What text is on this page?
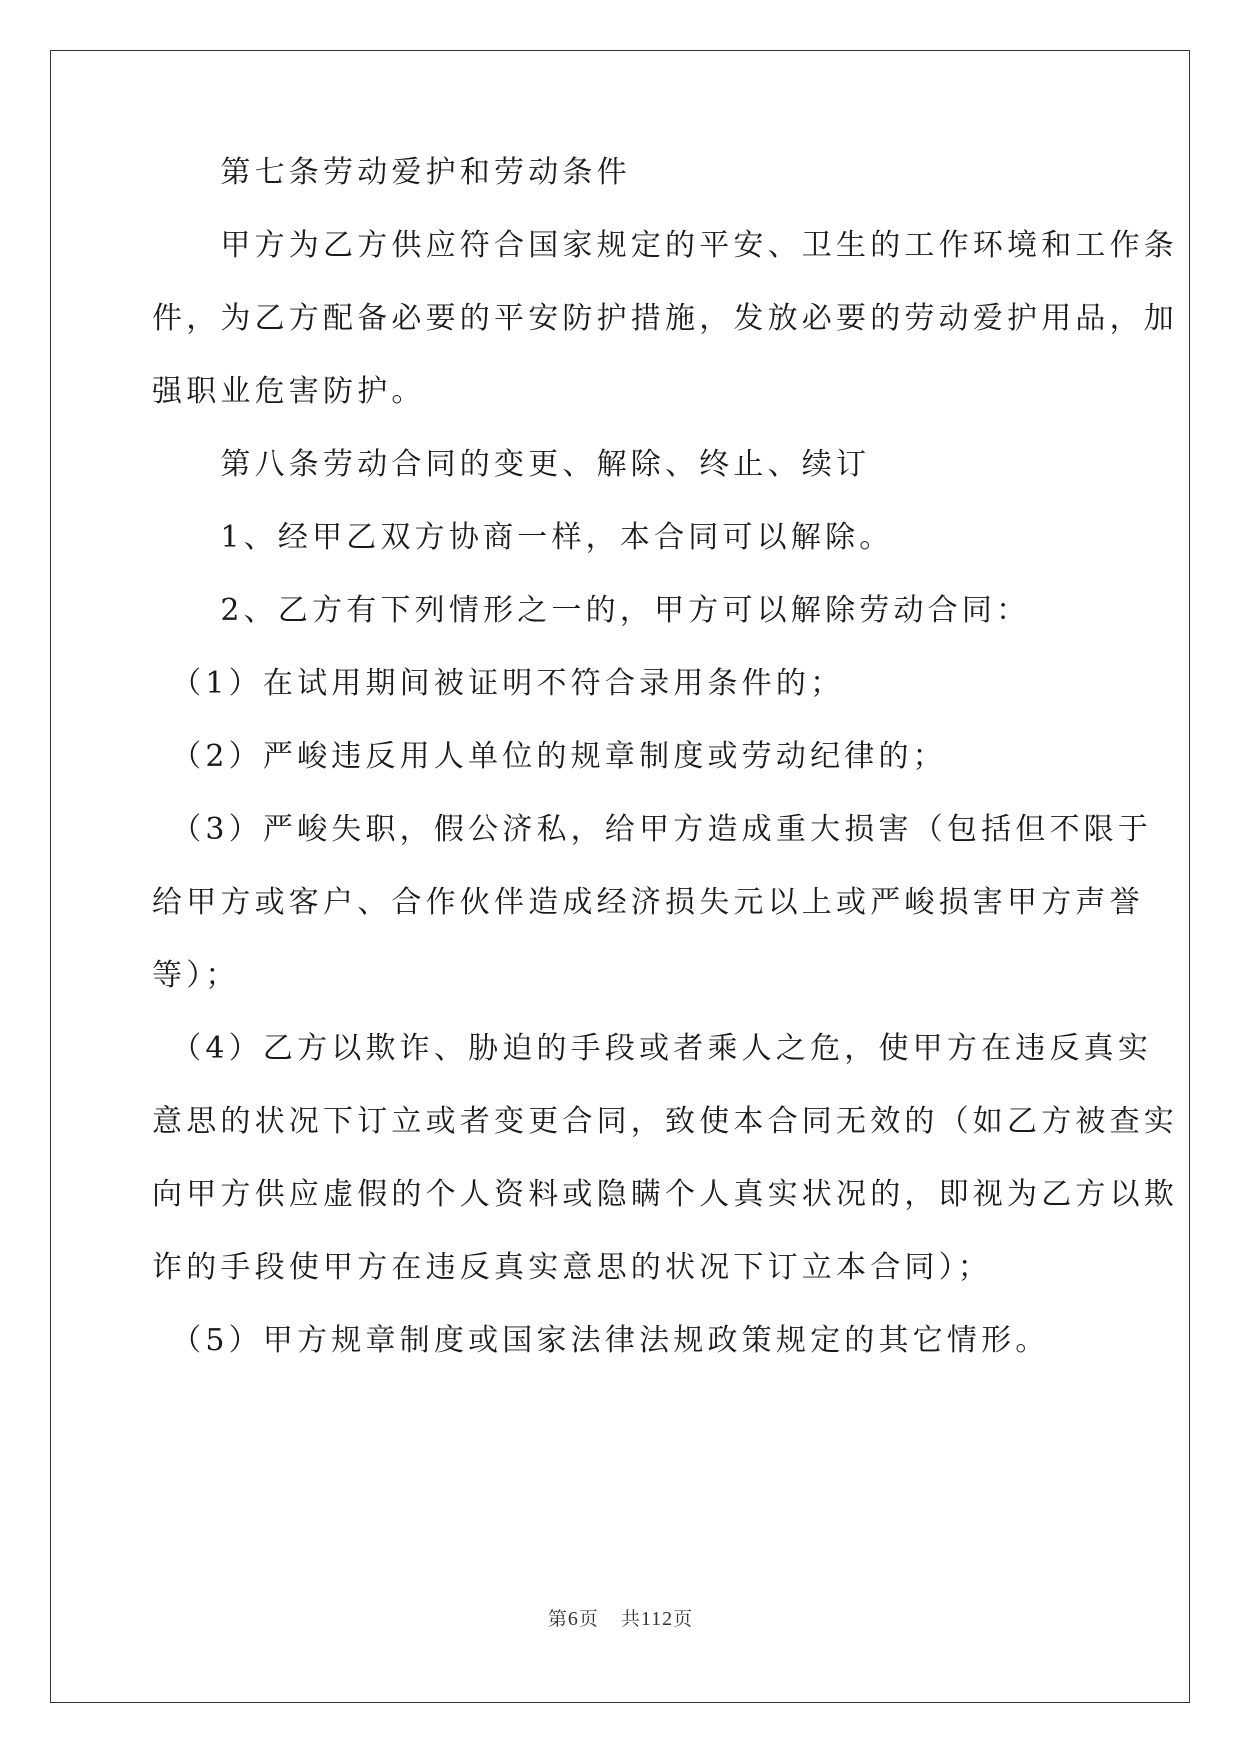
　　第七条劳动爱护和劳动条件
　　甲方为乙方供应符合国家规定的平安、卫生的工作环境和工作条
件，为乙方配备必要的平安防护措施，发放必要的劳动爱护用品，加
强职业危害防护。
　　第八条劳动合同的变更、解除、终止、续订
　　1、经甲乙双方协商一样，本合同可以解除。
　　2、乙方有下列情形之一的，甲方可以解除劳动合同：
　（1）在试用期间被证明不符合录用条件的；
　（2）严峻违反用人单位的规章制度或劳动纪律的；
　（3）严峻失职，假公济私，给甲方造成重大损害（包括但不限于
给甲方或客户、合作伙伴造成经济损失元以上或严峻损害甲方声誉
等）；
　（4）乙方以欺诈、胁迫的手段或者乘人之危，使甲方在违反真实
意思的状况下订立或者变更合同，致使本合同无效的（如乙方被查实
向甲方供应虚假的个人资料或隐瞒个人真实状况的，即视为乙方以欺
诈的手段使甲方在违反真实意思的状况下订立本合同）；
　（5）甲方规章制度或国家法律法规政策规定的其它情形。
第6页 共112页
